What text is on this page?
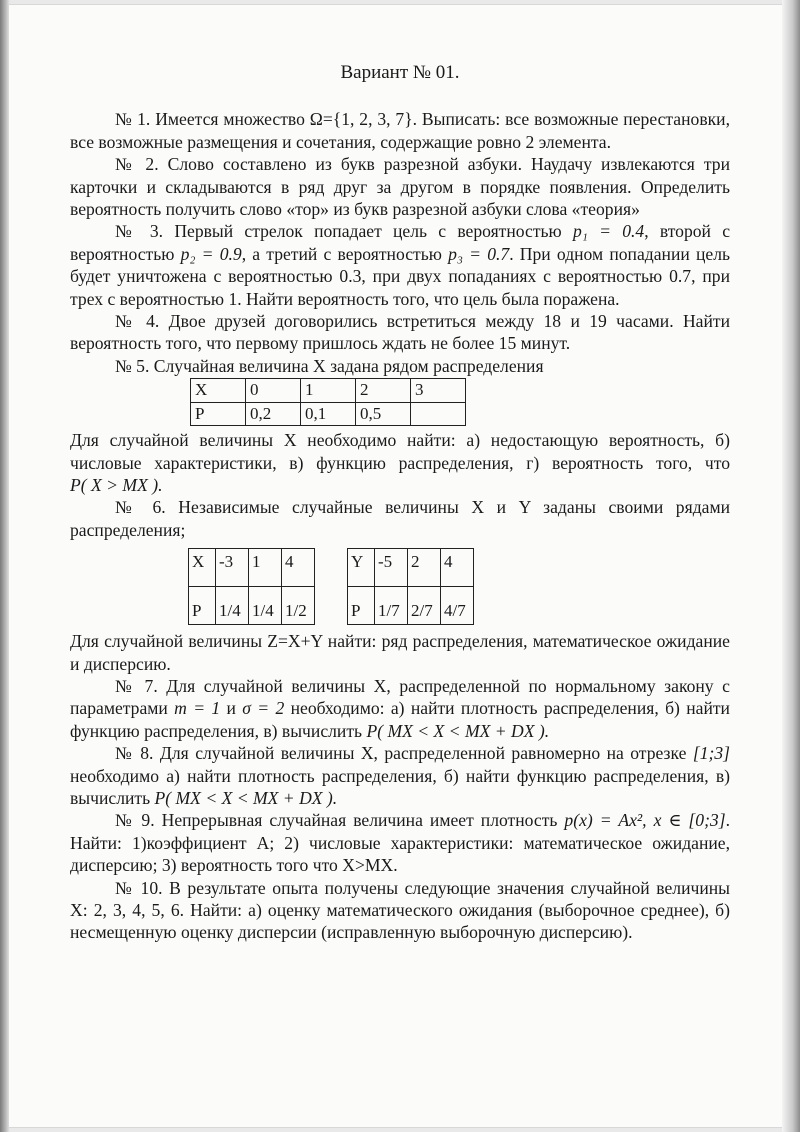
Вариант № 01.

№ 1. Имеется множество Ω={1, 2, 3, 7}. Выписать: все возможные перестановки, все возможные размещения и сочетания, содержащие ровно 2 элемента.

№ 2. Слово составлено из букв разрезной азбуки. Наудачу извлекаются три карточки и складываются в ряд друг за другом в порядке появления. Определить вероятность получить слово «тор» из букв разрезной азбуки слова «теория»

№ 3. Первый стрелок попадает цель с вероятностью p₁ = 0.4, второй с вероятностью p₂ = 0.9, а третий с вероятностью p₃ = 0.7. При одном попадании цель будет уничтожена с вероятностью 0.3, при двух попаданиях с вероятностью 0.7, при трех с вероятностью 1. Найти вероятность того, что цель была поражена.

№ 4. Двое друзей договорились встретиться между 18 и 19 часами. Найти вероятность того, что первому пришлось ждать не более 15 минут.

№ 5. Случайная величина X задана рядом распределения

X	0	1	2	3
P	0,2	0,1	0,5	

Для случайной величины X необходимо найти: а) недостающую вероятность, б) числовые характеристики, в) функцию распределения, г) вероятность того, что P( X > MX ).

№ 6. Независимые случайные величины X и Y заданы своими рядами распределения;

X	-3	1	4
P	1/4	1/4	1/2
Y	-5	2	4
P	1/7	2/7	4/7

Для случайной величины Z=X+Y найти: ряд распределения, математическое ожидание и дисперсию.

№ 7. Для случайной величины X, распределенной по нормальному закону с параметрами m = 1 и σ = 2 необходимо: а) найти плотность распределения, б) найти функцию распределения, в) вычислить P( MX < X < MX + DX ).

№ 8. Для случайной величины X, распределенной равномерно на отрезке [1;3] необходимо а) найти плотность распределения, б) найти функцию распределения, в) вычислить P( MX < X < MX + DX ).

№ 9. Непрерывная случайная величина имеет плотность p(x) = Ax², x ∈ [0;3]. Найти: 1)коэффициент А; 2) числовые характеристики: математическое ожидание, дисперсию; 3) вероятность того что X>MX.

№ 10. В результате опыта получены следующие значения случайной величины X: 2, 3, 4, 5, 6. Найти: а) оценку математического ожидания (выборочное среднее), б) несмещенную оценку дисперсии (исправленную выборочную дисперсию).
